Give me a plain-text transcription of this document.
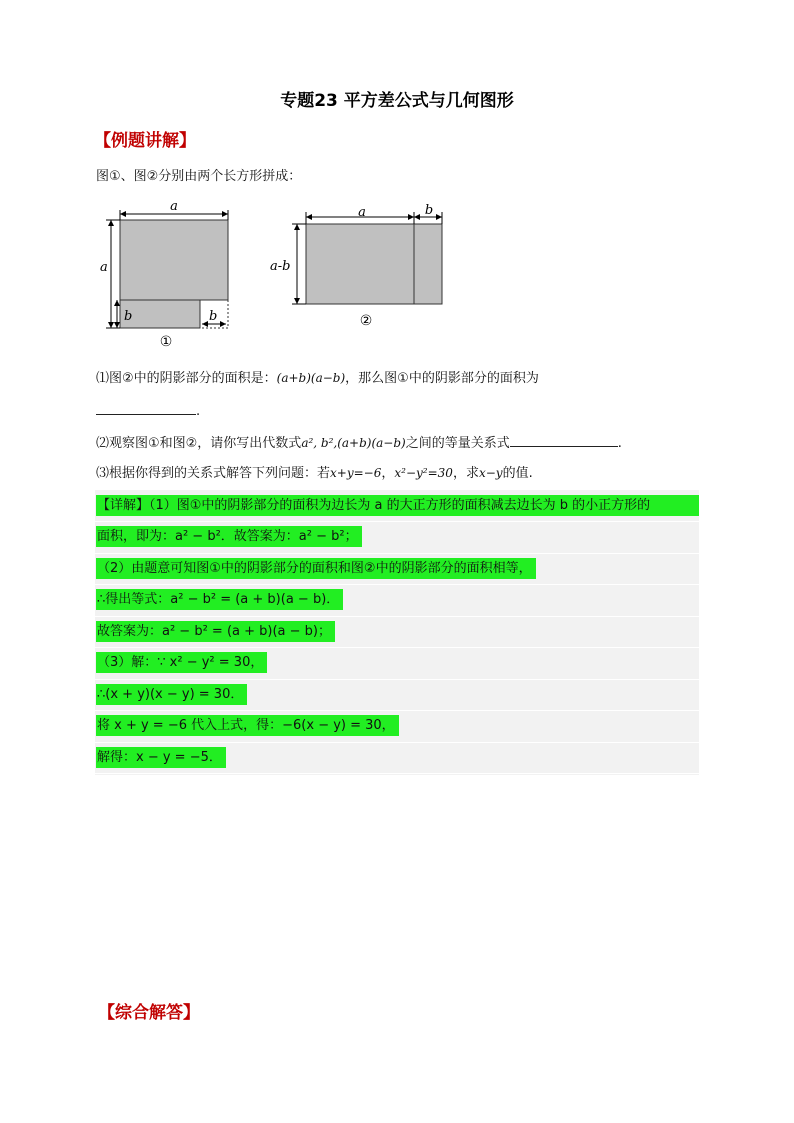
专题23 平方差公式与几何图形
【例题讲解】
图①、图②分别由两个长方形拼成：
a
a
b	b
①
a	b
a-b
②
⑴图②中的阴影部分的面积是：(a+b)(a−b)，那么图①中的阴影部分的面积为
.
⑵观察图①和图②，请你写出代数式a², b²,(a+b)(a−b)之间的等量关系式	.
⑶根据你得到的关系式解答下列问题：若x+y=−6，x²−y²=30，求x−y的值.
【详解】（1）图①中的阴影部分的面积为边长为 a 的大正方形的面积减去边长为 b 的小正方形的
面积，即为：a² − b²．故答案为：a² − b²；
（2）由题意可知图①中的阴影部分的面积和图②中的阴影部分的面积相等，
∴得出等式：a² − b² = (a + b)(a − b)．
故答案为：a² − b² = (a + b)(a − b)；
（3）解：∵ x² − y² = 30，
∴(x + y)(x − y) = 30．
将 x + y = −6 代入上式，得：−6(x − y) = 30，
解得：x − y = −5．
【综合解答】
